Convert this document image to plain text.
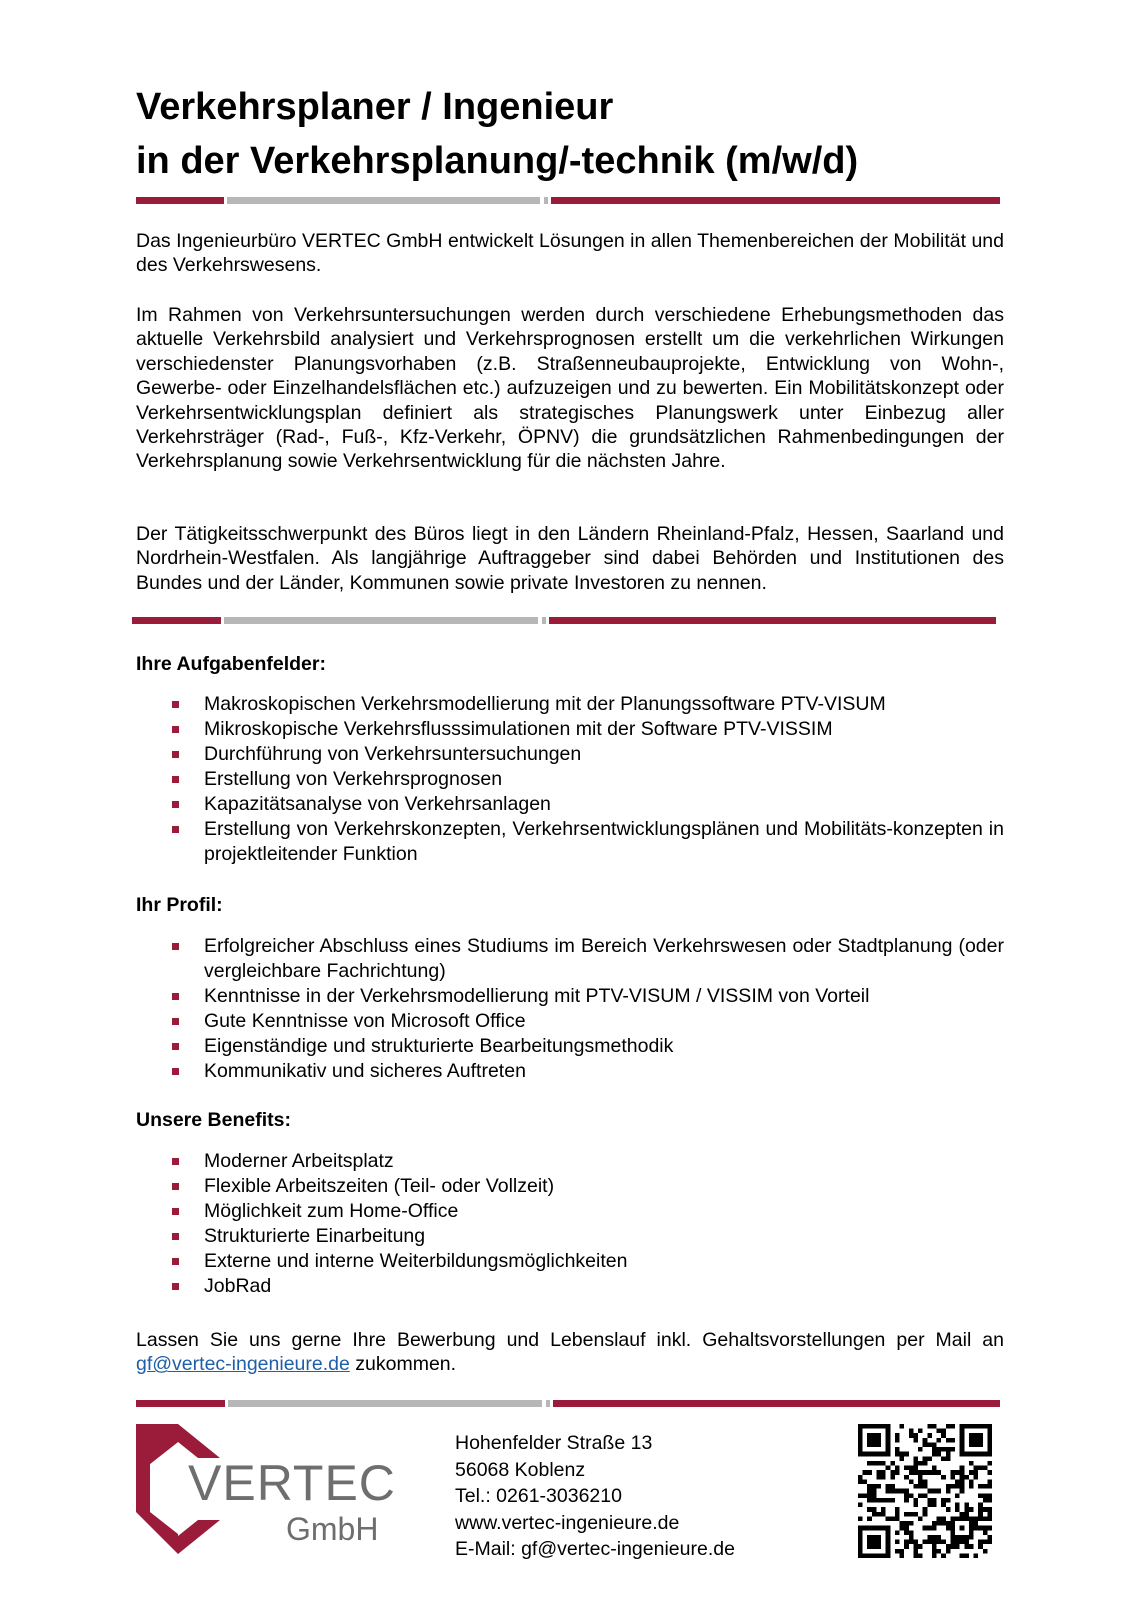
Verkehrsplaner / Ingenieur
in der Verkehrsplanung/-technik (m/w/d)

Das Ingenieurbüro VERTEC GmbH entwickelt Lösungen in allen Themenbereichen der Mobilität und des Verkehrswesens.

Im Rahmen von Verkehrsuntersuchungen werden durch verschiedene Erhebungsmethoden das aktuelle Verkehrsbild analysiert und Verkehrsprognosen erstellt um die verkehrlichen Wirkungen verschiedenster Planungsvorhaben (z.B. Straßenneubauprojekte, Entwicklung von Wohn-, Gewerbe- oder Einzelhandelsflächen etc.) aufzuzeigen und zu bewerten. Ein Mobilitätskonzept oder Verkehrsentwicklungsplan definiert als strategisches Planungswerk unter Einbezug aller Verkehrsträger (Rad-, Fuß-, Kfz-Verkehr, ÖPNV) die grundsätzlichen Rahmenbedingungen der Verkehrsplanung sowie Verkehrsentwicklung für die nächsten Jahre.

Der Tätigkeitsschwerpunkt des Büros liegt in den Ländern Rheinland-Pfalz, Hessen, Saarland und Nordrhein-Westfalen. Als langjährige Auftraggeber sind dabei Behörden und Institutionen des Bundes und der Länder, Kommunen sowie private Investoren zu nennen.

Ihre Aufgabenfelder:
Makroskopischen Verkehrsmodellierung mit der Planungssoftware PTV-VISUM
Mikroskopische Verkehrsflusssimulationen mit der Software PTV-VISSIM
Durchführung von Verkehrsuntersuchungen
Erstellung von Verkehrsprognosen
Kapazitätsanalyse von Verkehrsanlagen
Erstellung von Verkehrskonzepten, Verkehrsentwicklungsplänen und Mobilitäts-konzepten in projektleitender Funktion
Ihr Profil:
Erfolgreicher Abschluss eines Studiums im Bereich Verkehrswesen oder Stadtplanung (oder vergleichbare Fachrichtung)
Kenntnisse in der Verkehrsmodellierung mit PTV-VISUM / VISSIM von Vorteil
Gute Kenntnisse von Microsoft Office
Eigenständige und strukturierte Bearbeitungsmethodik
Kommunikativ und sicheres Auftreten
Unsere Benefits:
Moderner Arbeitsplatz
Flexible Arbeitszeiten (Teil- oder Vollzeit)
Möglichkeit zum Home-Office
Strukturierte Einarbeitung
Externe und interne Weiterbildungsmöglichkeiten
JobRad

Lassen Sie uns gerne Ihre Bewerbung und Lebenslauf inkl. Gehaltsvorstellungen per Mail an gf@vertec-ingenieure.de zukommen.

VERTEC
GmbH
Hohenfelder Straße 13
56068 Koblenz
Tel.: 0261-3036210
www.vertec-ingenieure.de
E-Mail: gf@vertec-ingenieure.de
